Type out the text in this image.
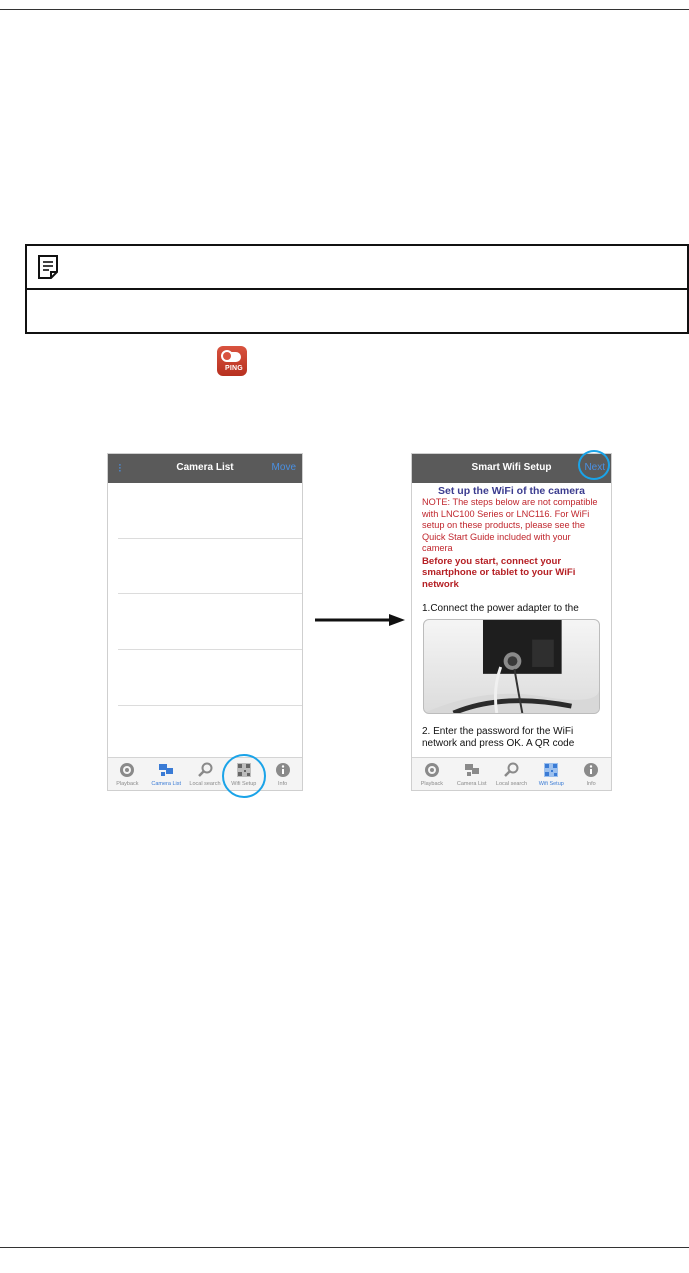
PING
⁝	Camera List	Move
Playback	Camera List	Local search	Wifi Setup	Info
Smart Wifi Setup	Next
Set up the WiFi of the camera
NOTE: The steps below are not compatible with LNC100 Series or LNC116. For WiFi setup on these products, please see the Quick Start Guide included with your camera
Before you start, connect your smartphone or tablet to your WiFi network
1.Connect the power adapter to the
2. Enter the password for the WiFi network and press OK. A QR code
Playback	Camera List	Local search	Wifi Setup	Info
